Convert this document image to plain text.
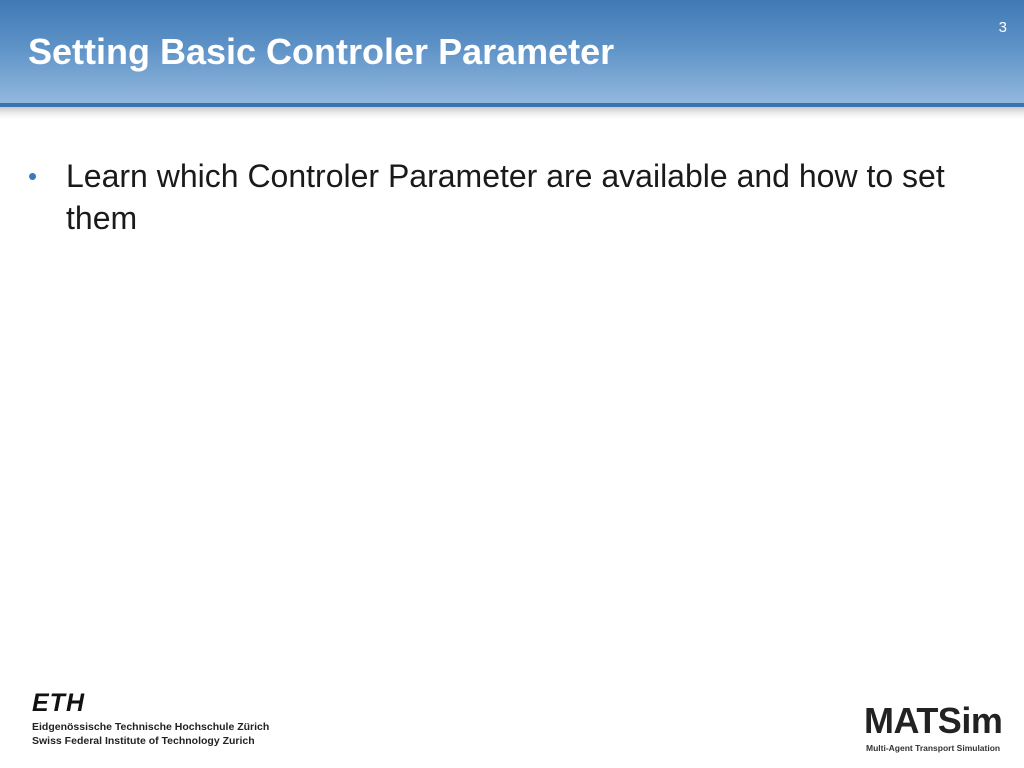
Setting Basic Controler Parameter
3
• Learn which Controler Parameter are available and how to set them
ETH
Eidgenössische Technische Hochschule Zürich
Swiss Federal Institute of Technology Zurich	MATSim
Multi-Agent Transport Simulation
